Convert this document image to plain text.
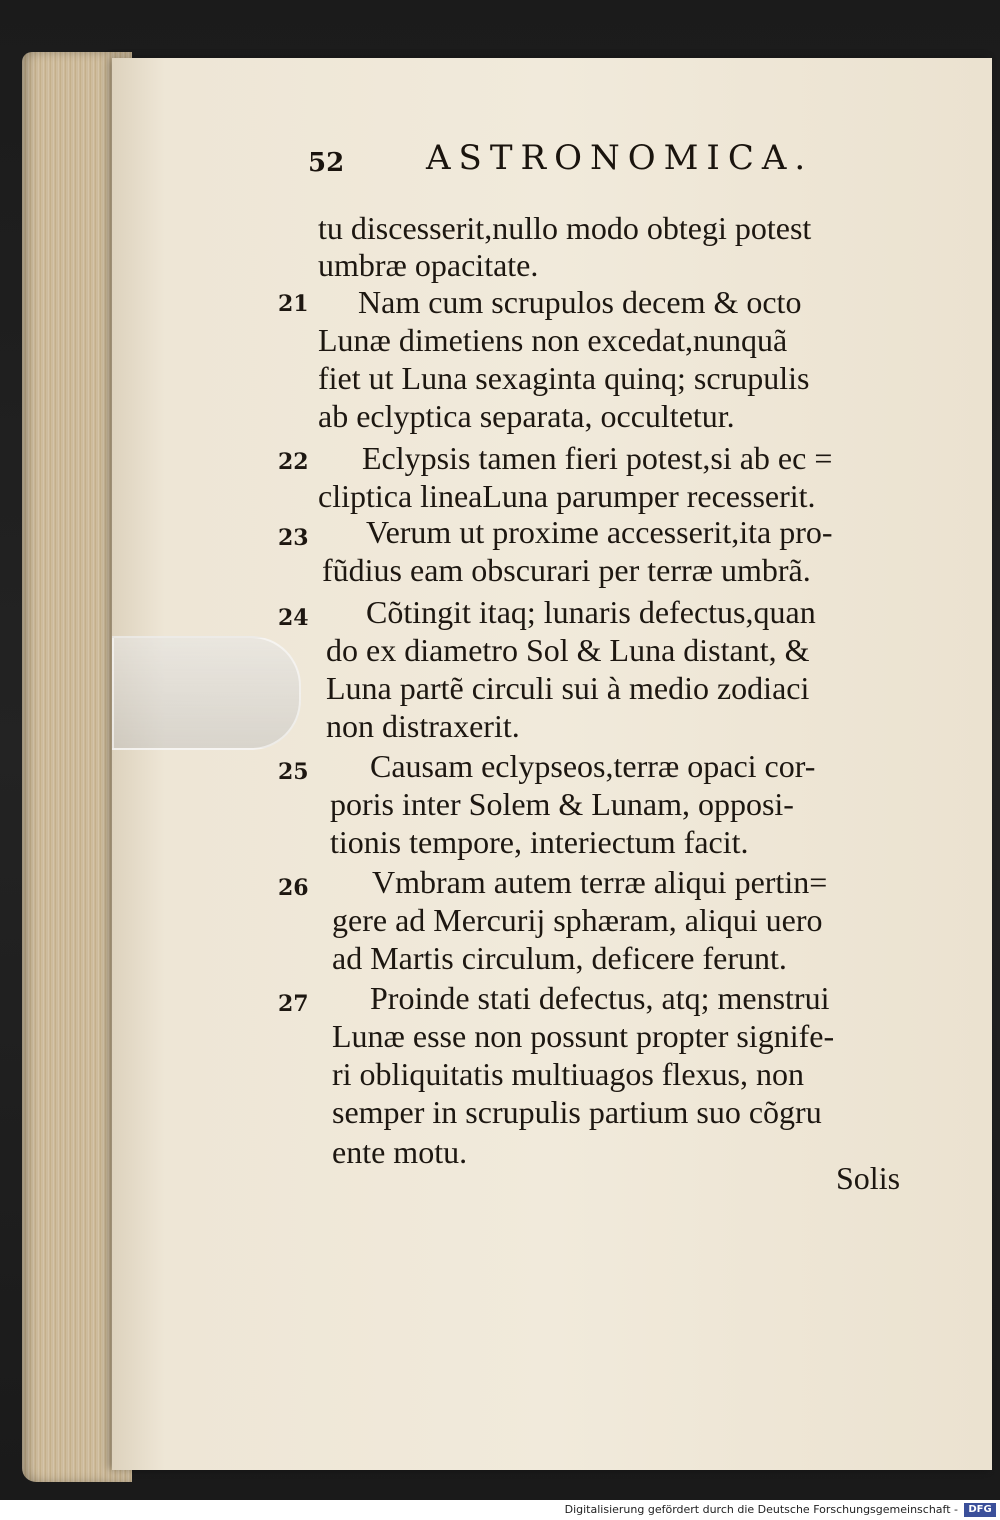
52 ASTRONOMICA.
tu discesserit,nullo modo obtegi potest
umbræ opacitate.
21 Nam cum scrupulos decem & octo
Lunæ dimetiens non excedat,nunquã
fiet ut Luna sexaginta quinq; scrupulis
ab eclyptica separata, occultetur.
22 Eclypsis tamen fieri potest,si ab ec =
cliptica lineaLuna parumper recesserit.
23 Verum ut proxime accesserit,ita pro-
fũdius eam obscurari per terræ umbrã.
24 Cõtingit itaq; lunaris defectus,quan
do ex diametro Sol & Luna distant, &
Luna partẽ circuli sui à medio zodiaci
non distraxerit.
25 Causam eclypseos,terræ opaci cor-
poris inter Solem & Lunam, opposi-
tionis tempore, interiectum facit.
26 Vmbram autem terræ aliqui pertin=
gere ad Mercurij sphæram, aliqui uero
ad Martis circulum, deficere ferunt.
27 Proinde stati defectus, atq; menstrui
Lunæ esse non possunt propter signife-
ri obliquitatis multiuagos flexus, non
semper in scrupulis partium suo cõgru
ente motu.
Solis
Digitalisierung gefördert durch die Deutsche Forschungsgemeinschaft -	DFG
